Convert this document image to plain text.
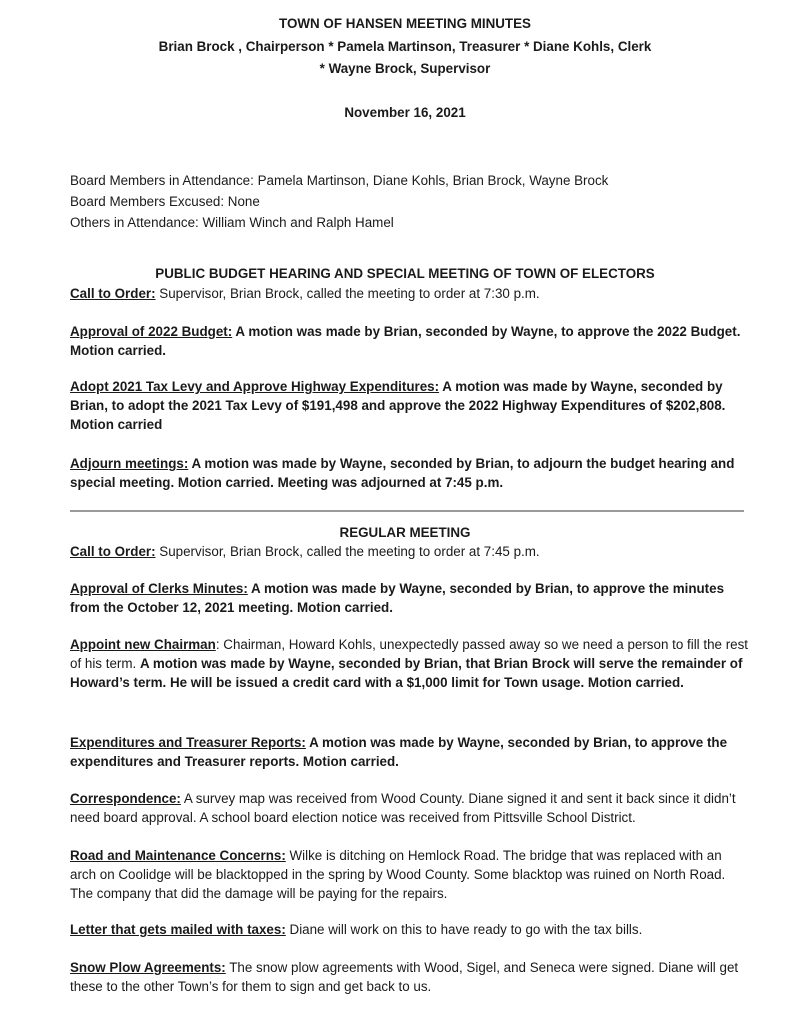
TOWN OF HANSEN MEETING MINUTES
Brian Brock , Chairperson * Pamela Martinson, Treasurer * Diane Kohls, Clerk
* Wayne Brock, Supervisor
November 16, 2021
Board Members in Attendance: Pamela Martinson, Diane Kohls, Brian Brock, Wayne Brock
Board Members Excused: None
Others in Attendance: William Winch and Ralph Hamel
PUBLIC BUDGET HEARING AND SPECIAL MEETING OF TOWN OF ELECTORS
Call to Order: Supervisor, Brian Brock, called the meeting to order at 7:30 p.m.
Approval of 2022 Budget: A motion was made by Brian, seconded by Wayne, to approve the 2022 Budget. Motion carried.
Adopt 2021 Tax Levy and Approve Highway Expenditures: A motion was made by Wayne, seconded by Brian, to adopt the 2021 Tax Levy of $191,498 and approve the 2022 Highway Expenditures of $202,808. Motion carried
Adjourn meetings: A motion was made by Wayne, seconded by Brian, to adjourn the budget hearing and special meeting. Motion carried. Meeting was adjourned at 7:45 p.m.
REGULAR MEETING
Call to Order: Supervisor, Brian Brock, called the meeting to order at 7:45 p.m.
Approval of Clerks Minutes: A motion was made by Wayne, seconded by Brian, to approve the minutes from the October 12, 2021 meeting. Motion carried.
Appoint new Chairman: Chairman, Howard Kohls, unexpectedly passed away so we need a person to fill the rest of his term. A motion was made by Wayne, seconded by Brian, that Brian Brock will serve the remainder of Howard’s term. He will be issued a credit card with a $1,000 limit for Town usage. Motion carried.
Expenditures and Treasurer Reports: A motion was made by Wayne, seconded by Brian, to approve the expenditures and Treasurer reports. Motion carried.
Correspondence: A survey map was received from Wood County. Diane signed it and sent it back since it didn’t need board approval. A school board election notice was received from Pittsville School District.
Road and Maintenance Concerns: Wilke is ditching on Hemlock Road. The bridge that was replaced with an arch on Coolidge will be blacktopped in the spring by Wood County. Some blacktop was ruined on North Road. The company that did the damage will be paying for the repairs.
Letter that gets mailed with taxes: Diane will work on this to have ready to go with the tax bills.
Snow Plow Agreements: The snow plow agreements with Wood, Sigel, and Seneca were signed. Diane will get these to the other Town’s for them to sign and get back to us.
